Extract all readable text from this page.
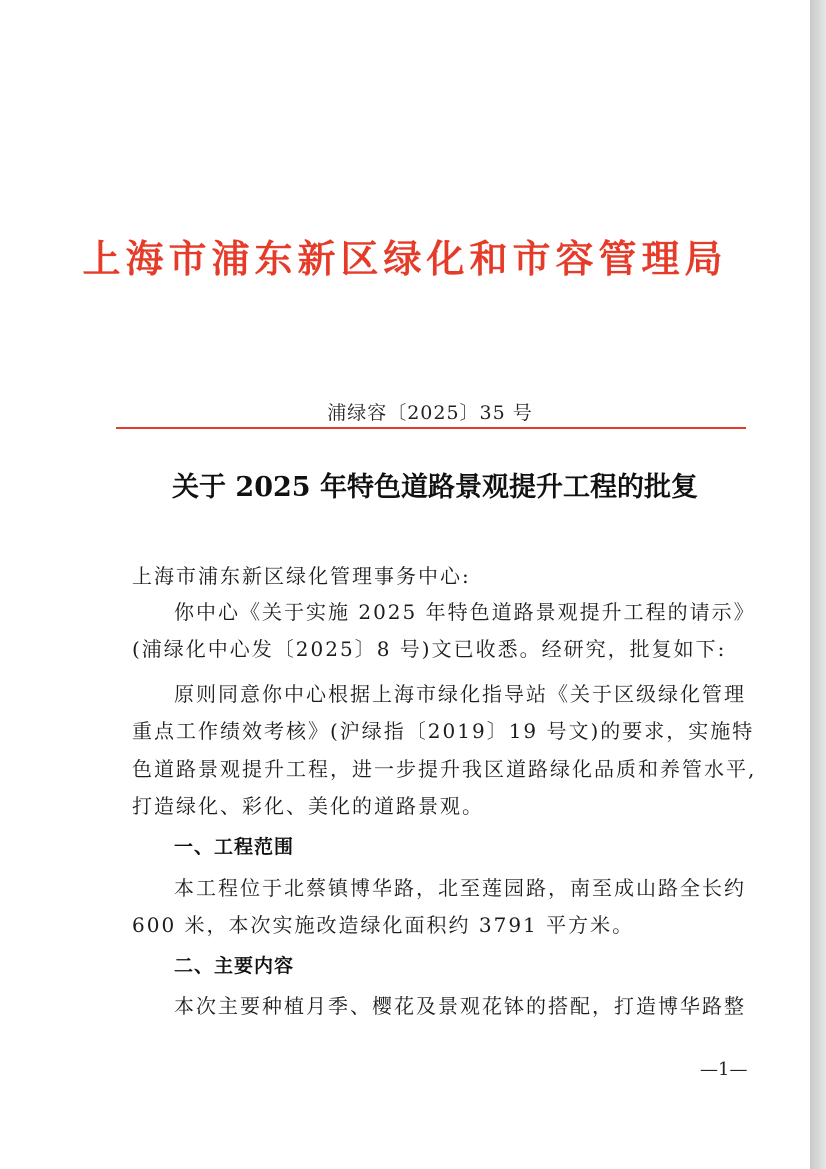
上海市浦东新区绿化和市容管理局
浦绿容〔2025〕35 号
关于 2025 年特色道路景观提升工程的批复
上海市浦东新区绿化管理事务中心:
你中心《关于实施 2025 年特色道路景观提升工程的请示》
(浦绿化中心发〔2025〕8 号)文已收悉。经研究，批复如下:
原则同意你中心根据上海市绿化指导站《关于区级绿化管理
重点工作绩效考核》(沪绿指〔2019〕19 号文)的要求，实施特
色道路景观提升工程，进一步提升我区道路绿化品质和养管水平,
打造绿化、彩化、美化的道路景观。
一、工程范围
本工程位于北蔡镇博华路，北至莲园路，南至成山路全长约
600 米，本次实施改造绿化面积约 3791 平方米。
二、主要内容
本次主要种植月季、樱花及景观花钵的搭配，打造博华路整
—1—
